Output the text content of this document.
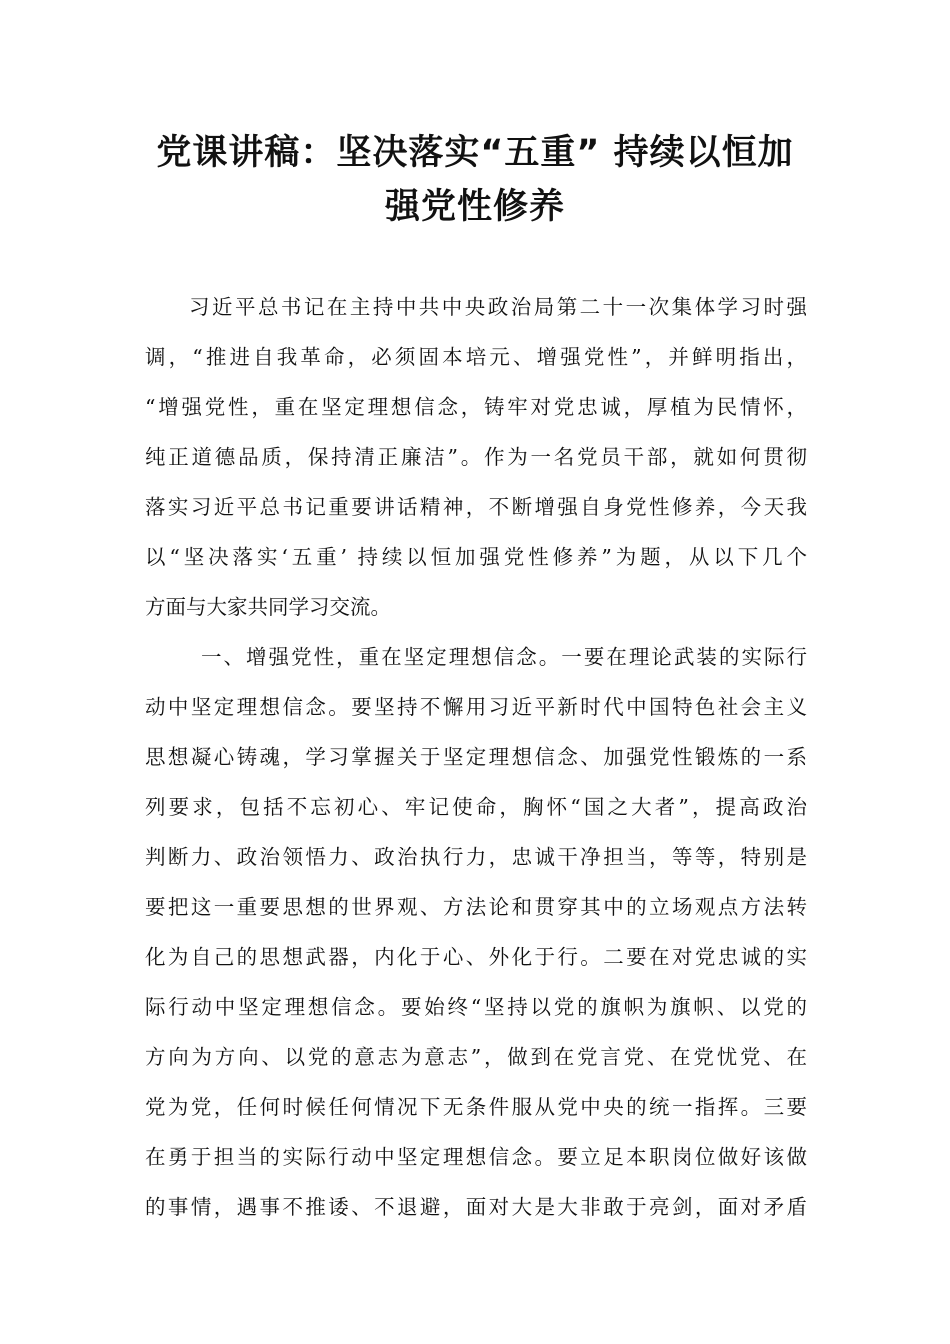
党课讲稿：坚决落实“五重” 持续以恒加
强党性修养
习近平总书记在主持中共中央政治局第二十一次集体学习时强
调，“推进自我革命，必须固本培元、增强党性”，并鲜明指出，
“增强党性，重在坚定理想信念，铸牢对党忠诚，厚植为民情怀，
纯正道德品质，保持清正廉洁”。作为一名党员干部，就如何贯彻
落实习近平总书记重要讲话精神，不断增强自身党性修养，今天我
以“坚决落实‘五重’ 持续以恒加强党性修养”为题，从以下几个
方面与大家共同学习交流。
一、增强党性，重在坚定理想信念。一要在理论武装的实际行
动中坚定理想信念。要坚持不懈用习近平新时代中国特色社会主义
思想凝心铸魂，学习掌握关于坚定理想信念、加强党性锻炼的一系
列要求，包括不忘初心、牢记使命，胸怀“国之大者”，提高政治
判断力、政治领悟力、政治执行力，忠诚干净担当，等等，特别是
要把这一重要思想的世界观、方法论和贯穿其中的立场观点方法转
化为自己的思想武器，内化于心、外化于行。二要在对党忠诚的实
际行动中坚定理想信念。要始终“坚持以党的旗帜为旗帜、以党的
方向为方向、以党的意志为意志”，做到在党言党、在党忧党、在
党为党，任何时候任何情况下无条件服从党中央的统一指挥。三要
在勇于担当的实际行动中坚定理想信念。要立足本职岗位做好该做
的事情，遇事不推诿、不退避，面对大是大非敢于亮剑，面对矛盾
